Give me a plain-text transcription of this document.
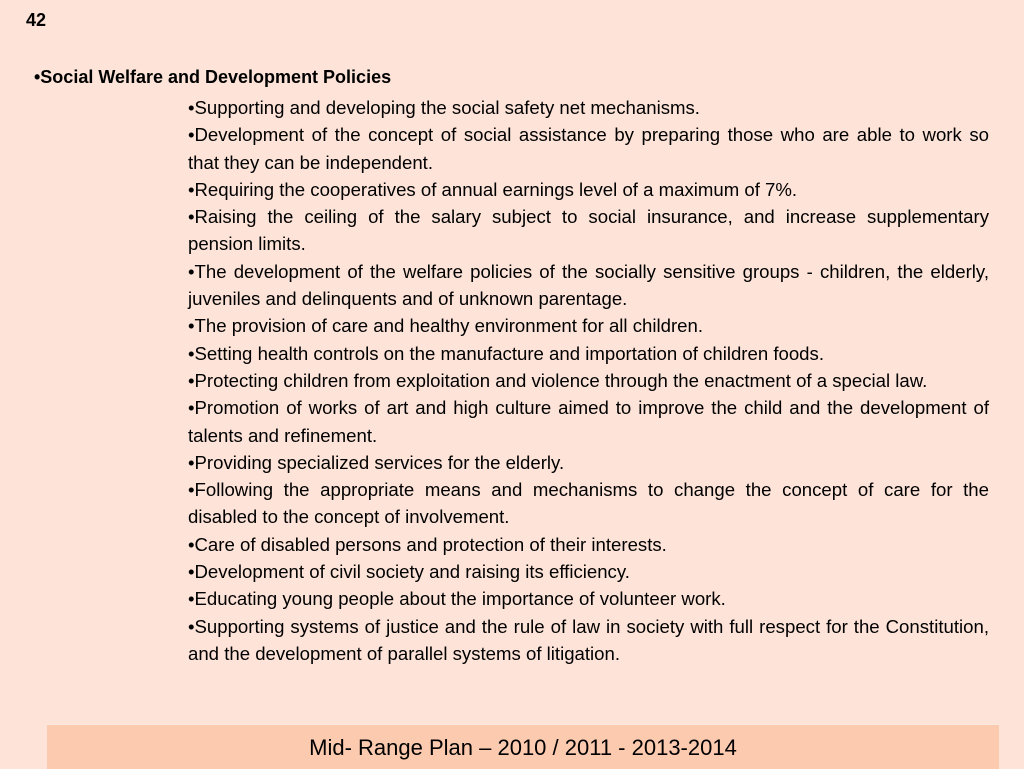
42
•Social Welfare and Development Policies
•Supporting and developing the social safety net mechanisms.
•Development of the concept of social assistance by preparing those who are able to work so that they can be independent.
•Requiring the cooperatives of annual earnings level of a maximum of 7%.
•Raising the ceiling of the salary subject to social insurance, and increase supplementary pension limits.
•The development of the welfare policies of the socially sensitive groups - children, the elderly, juveniles and delinquents and of unknown parentage.
•The provision of care and healthy environment for all children.
•Setting health controls on the manufacture and importation of children foods.
•Protecting children from exploitation and violence through the enactment of a special law.
•Promotion of works of art and high culture aimed to improve the child and the development of talents and refinement.
•Providing specialized services for the elderly.
•Following the appropriate means and mechanisms to change the concept of care for the disabled to the concept of involvement.
•Care of disabled persons and protection of their interests.
•Development of civil society and raising its efficiency.
•Educating young people about the importance of volunteer work.
•Supporting systems of justice and the rule of law in society with full respect for the Constitution, and the development of parallel systems of litigation.
Mid- Range Plan – 2010 / 2011 - 2013-2014
